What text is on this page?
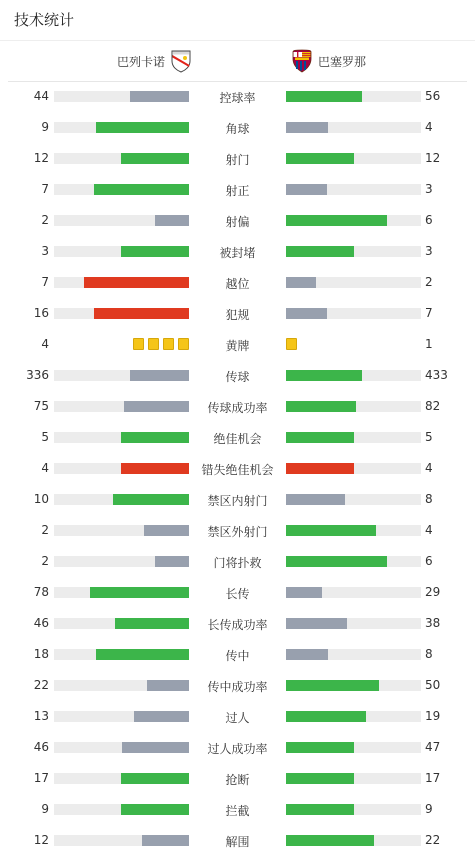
技术统计
巴列卡诺	巴塞罗那
44	控球率	56
9	角球	4
12	射门	12
7	射正	3
2	射偏	6
3	被封堵	3
7	越位	2
16	犯规	7
4	黄牌	1
336	传球	433
75	传球成功率	82
5	绝佳机会	5
4	错失绝佳机会	4
10	禁区内射门	8
2	禁区外射门	4
2	门将扑救	6
78	长传	29
46	长传成功率	38
18	传中	8
22	传中成功率	50
13	过人	19
46	过人成功率	47
17	抢断	17
9	拦截	9
12	解围	22
